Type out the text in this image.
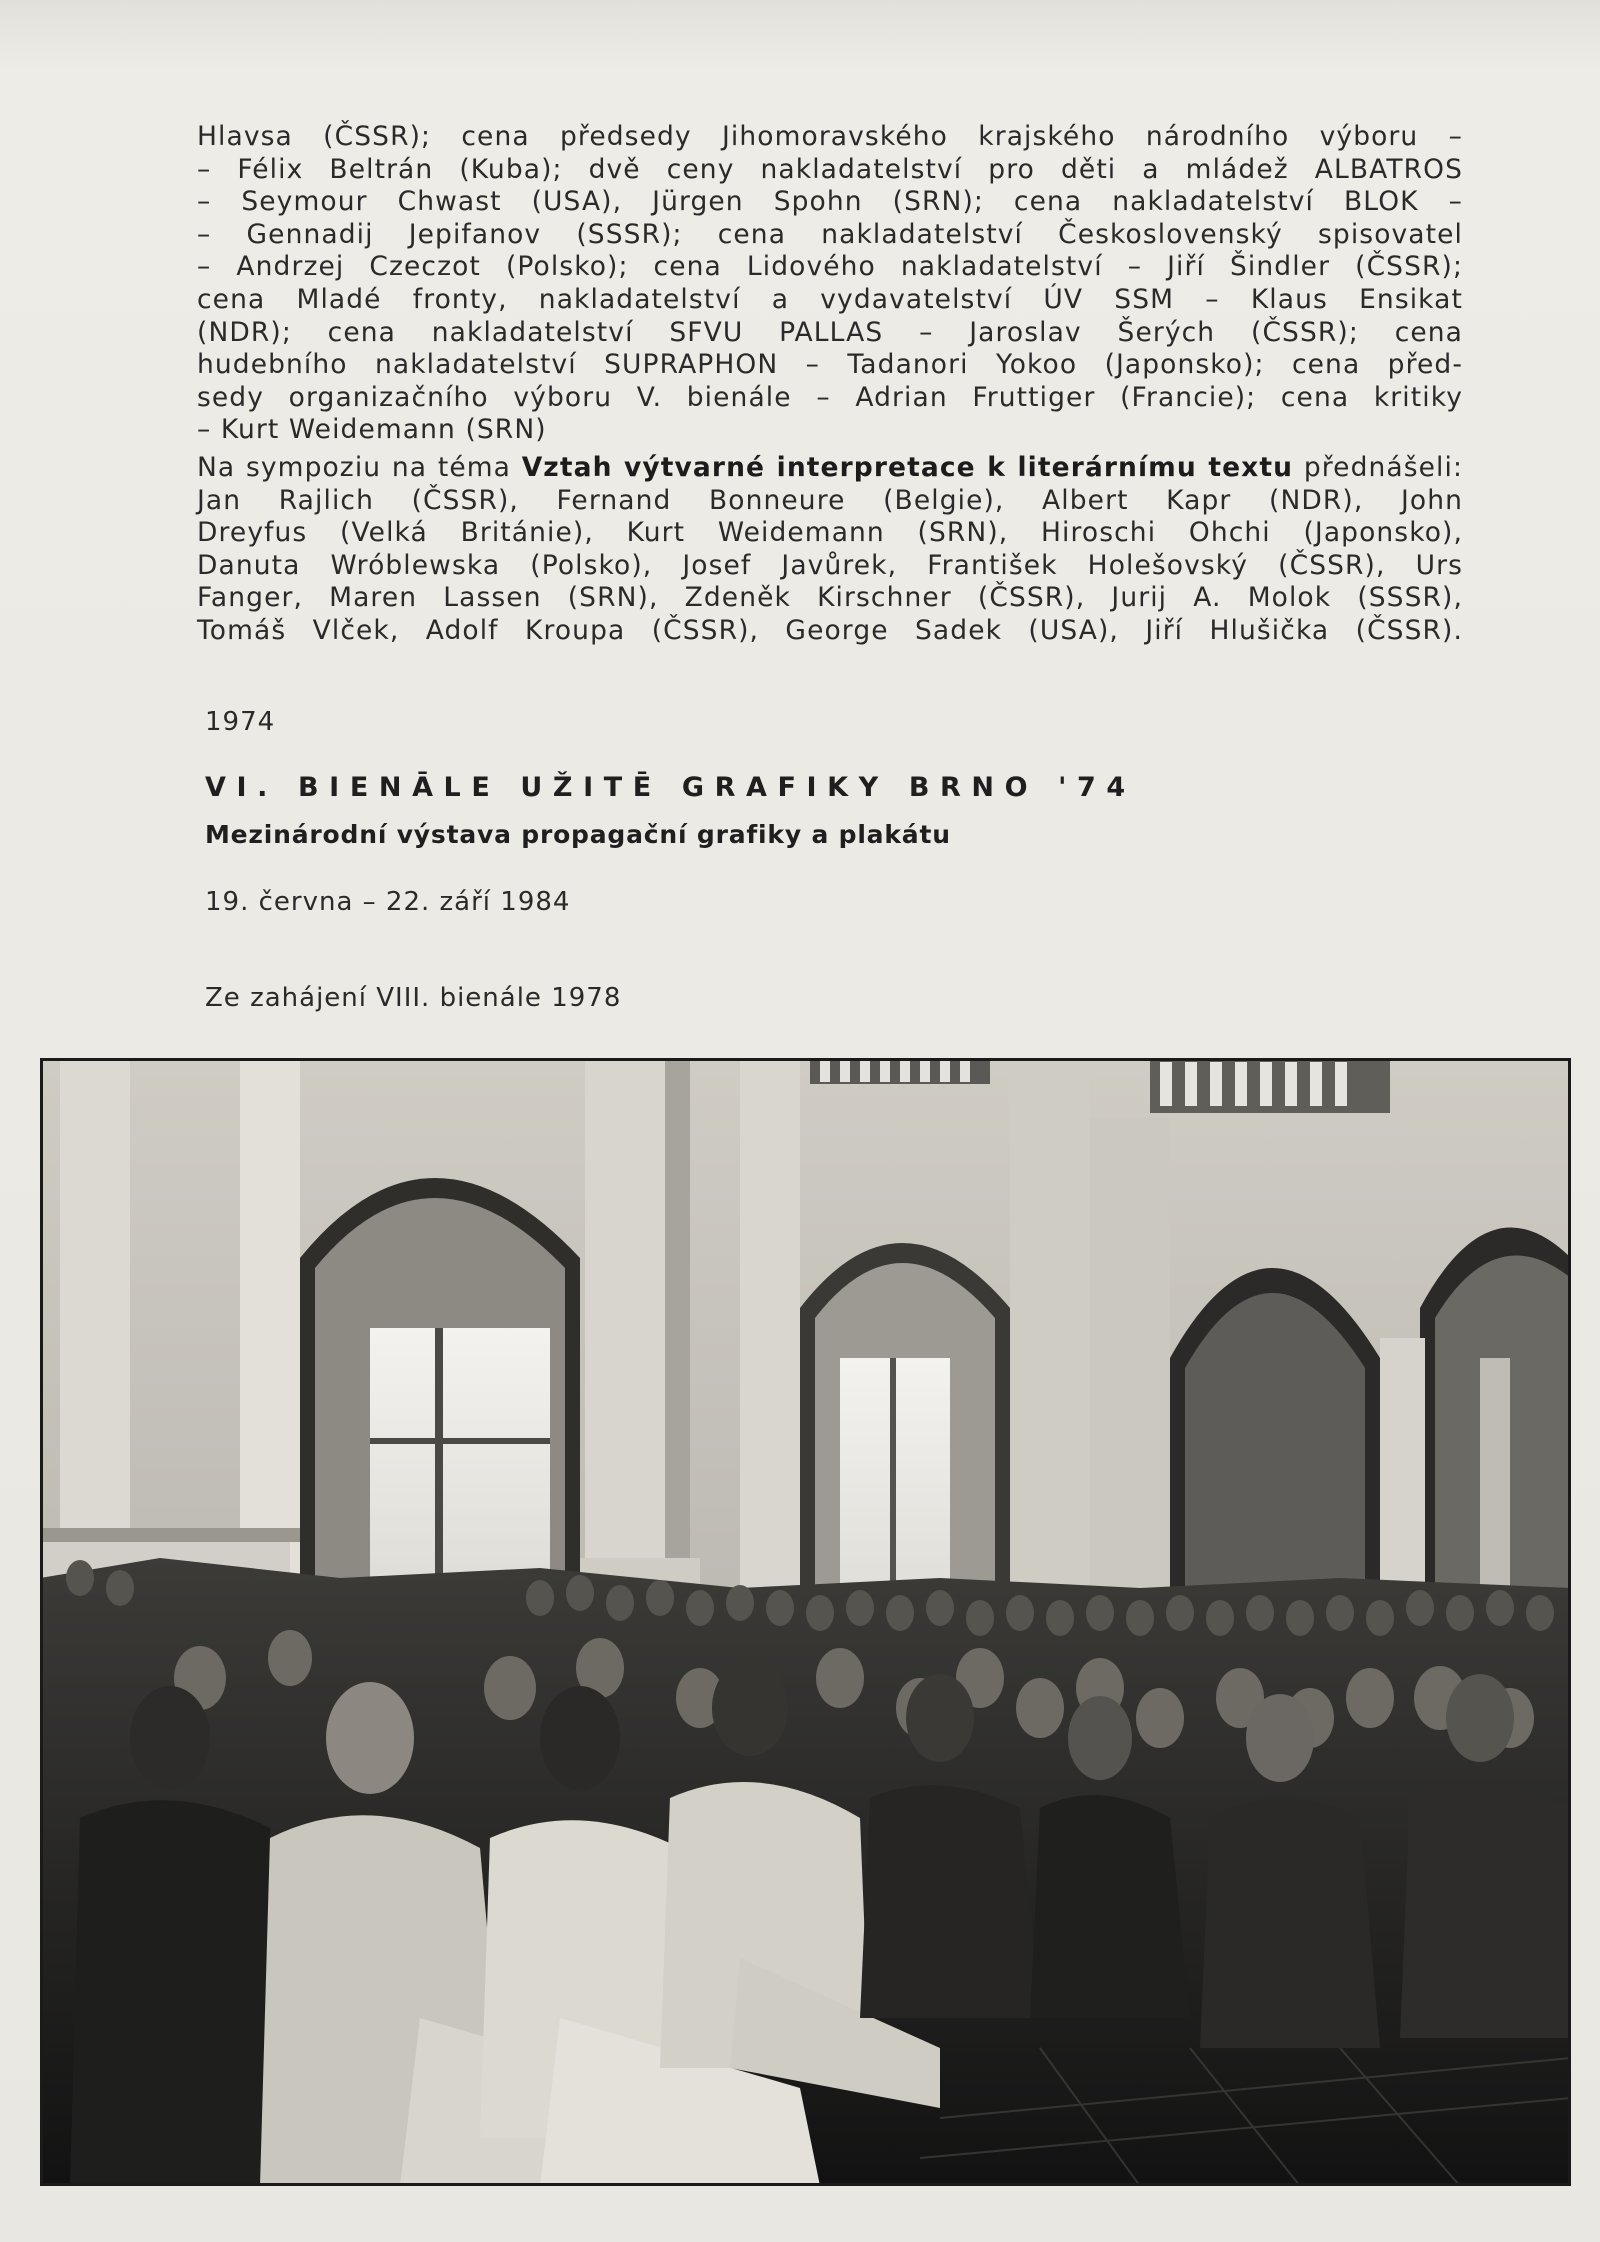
Hlavsa (ČSSR); cena předsedy Jihomoravského krajského národního výboru –
– Félix Beltrán (Kuba); dvě ceny nakladatelství pro děti a mládež ALBATROS
– Seymour Chwast (USA), Jürgen Spohn (SRN); cena nakladatelství BLOK –
– Gennadij Jepifanov (SSSR); cena nakladatelství Československý spisovatel
– Andrzej Czeczot (Polsko); cena Lidového nakladatelství – Jiří Šindler (ČSSR);
cena Mladé fronty, nakladatelství a vydavatelství ÚV SSM – Klaus Ensikat
(NDR); cena nakladatelství SFVU PALLAS – Jaroslav Šerých (ČSSR); cena
hudebního nakladatelství SUPRAPHON – Tadanori Yokoo (Japonsko); cena před-
sedy organizačního výboru V. bienále – Adrian Fruttiger (Francie); cena kritiky
– Kurt Weidemann (SRN)
Na sympoziu na téma Vztah výtvarné interpretace k literárnímu textu přednášeli:
Jan Rajlich (ČSSR), Fernand Bonneure (Belgie), Albert Kapr (NDR), John
Dreyfus (Velká Británie), Kurt Weidemann (SRN), Hiroschi Ohchi (Japonsko),
Danuta Wróblewska (Polsko), Josef Javůrek, František Holešovský (ČSSR), Urs
Fanger, Maren Lassen (SRN), Zdeněk Kirschner (ČSSR), Jurij A. Molok (SSSR),
Tomáš Vlček, Adolf Kroupa (ČSSR), George Sadek (USA), Jiří Hlušička (ČSSR).
1974
VI. BIENĀLE UŽITĒ GRAFIKY BRNO '74
Mezinárodní výstava propagační grafiky a plakátu
19. června – 22. září 1984
Ze zahájení VIII. bienále 1978
